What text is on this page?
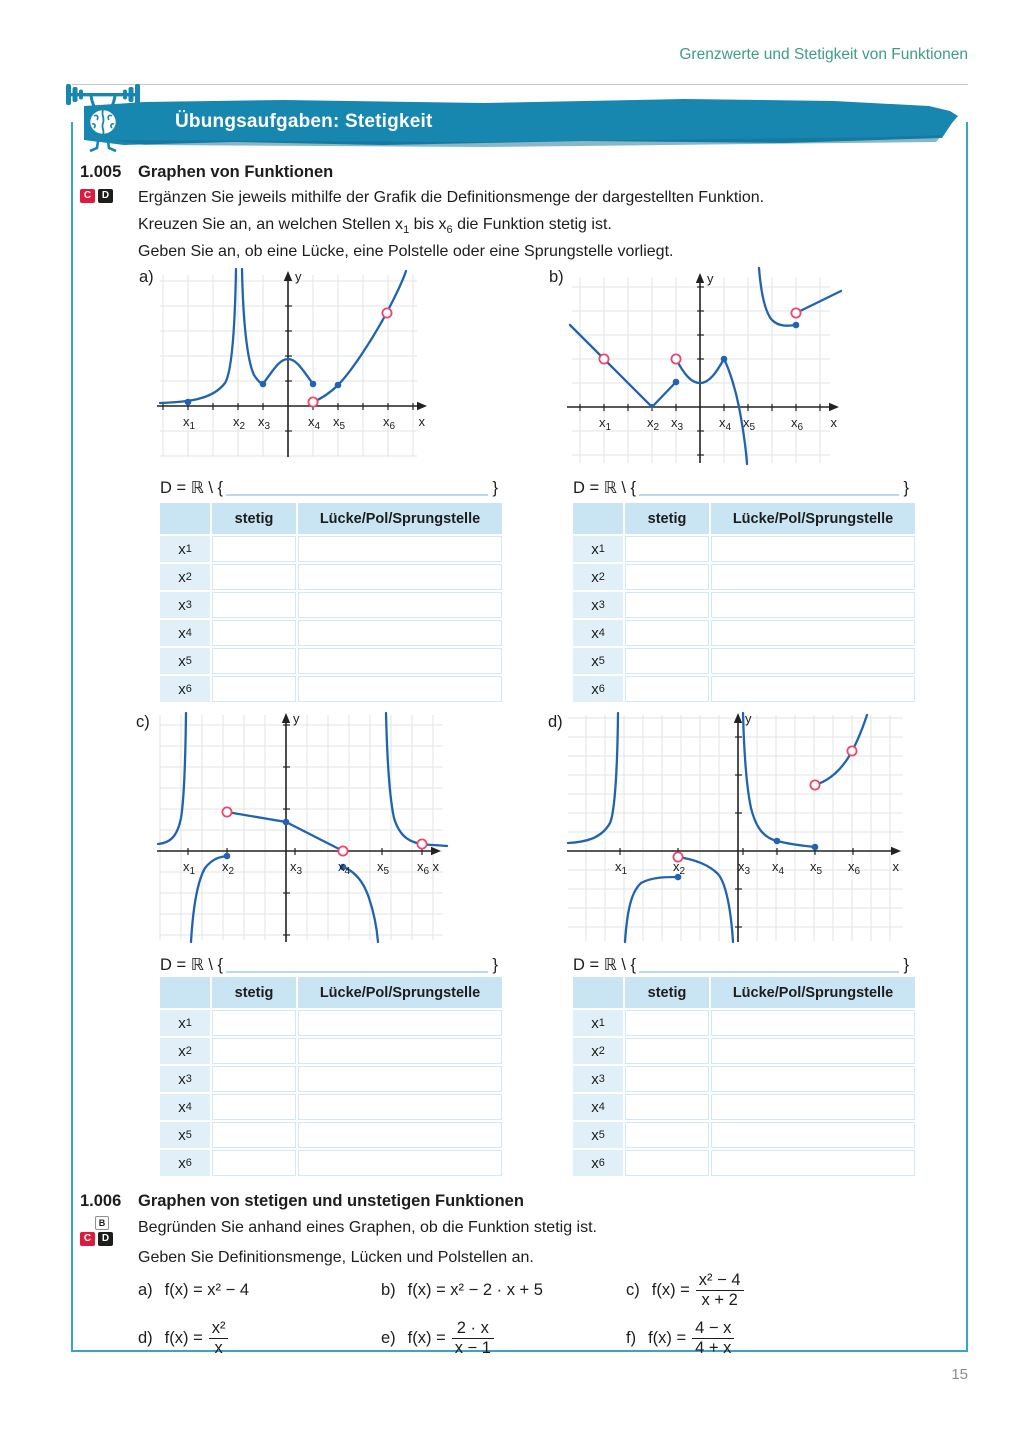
Grenzwerte und Stetigkeit von Funktionen
Übungsaufgaben: Stetigkeit
1.005
C D
Graphen von Funktionen
Ergänzen Sie jeweils mithilfe der Grafik die Definitionsmenge der dargestellten Funktion.
Kreuzen Sie an, an welchen Stellen $x_1$ bis $x_6$ die Funktion stetig ist.
Geben Sie an, ob eine Lücke, eine Polstelle oder eine Sprungstelle vorliegt.
a)
$x_1$	$x_2$ $x_3$	$x_4$ $x_5$	$x_6$ x
y	b)
$x_1$	$x_2$ $x_3$	$x_4$ $x_5$	$x_6$ x
y
c)
$x_1$ $x_2$	$x_3$	$x_4$ $x_5$ $x_6$ x
y	d)
$x_1$	$x_2$	$x_3$ $x_4$ $x_5$ $x_6$ x
y
D = ℝ \ {	}	D = ℝ \ {	}
D = ℝ \ {	}	D = ℝ \ {	}
stetig	Lücke/Pol/Sprungstelle
x 1
x 2
x 3
x 4
x 5
x 6
stetig	Lücke/Pol/Sprungstelle
x 1
x 2
x 3
x 4
x 5
x 6
stetig	Lücke/Pol/Sprungstelle
x 1
x 2
x 3
x 4
x 5
x 6
stetig	Lücke/Pol/Sprungstelle
x 1
x 2
x 3
x 4
x 5
x 6
1.006
B
C D
Graphen von stetigen und unstetigen Funktionen
Begründen Sie anhand eines Graphen, ob die Funktion stetig ist.
Geben Sie Definitionsmenge, Lücken und Polstellen an.
a) f(x) = x² − 4	b) f(x) = x² − 2 · x + 5	c) $f(x) = \frac{\text{x² − 4}}{x + 2}$
d) $f(x) = \frac{\text{x²}}{x}$	e) $f(x) = \frac{2 \cdot x}{x - 1}$	f) $f(x) = \frac{4 - x}{4 + x}$
15
